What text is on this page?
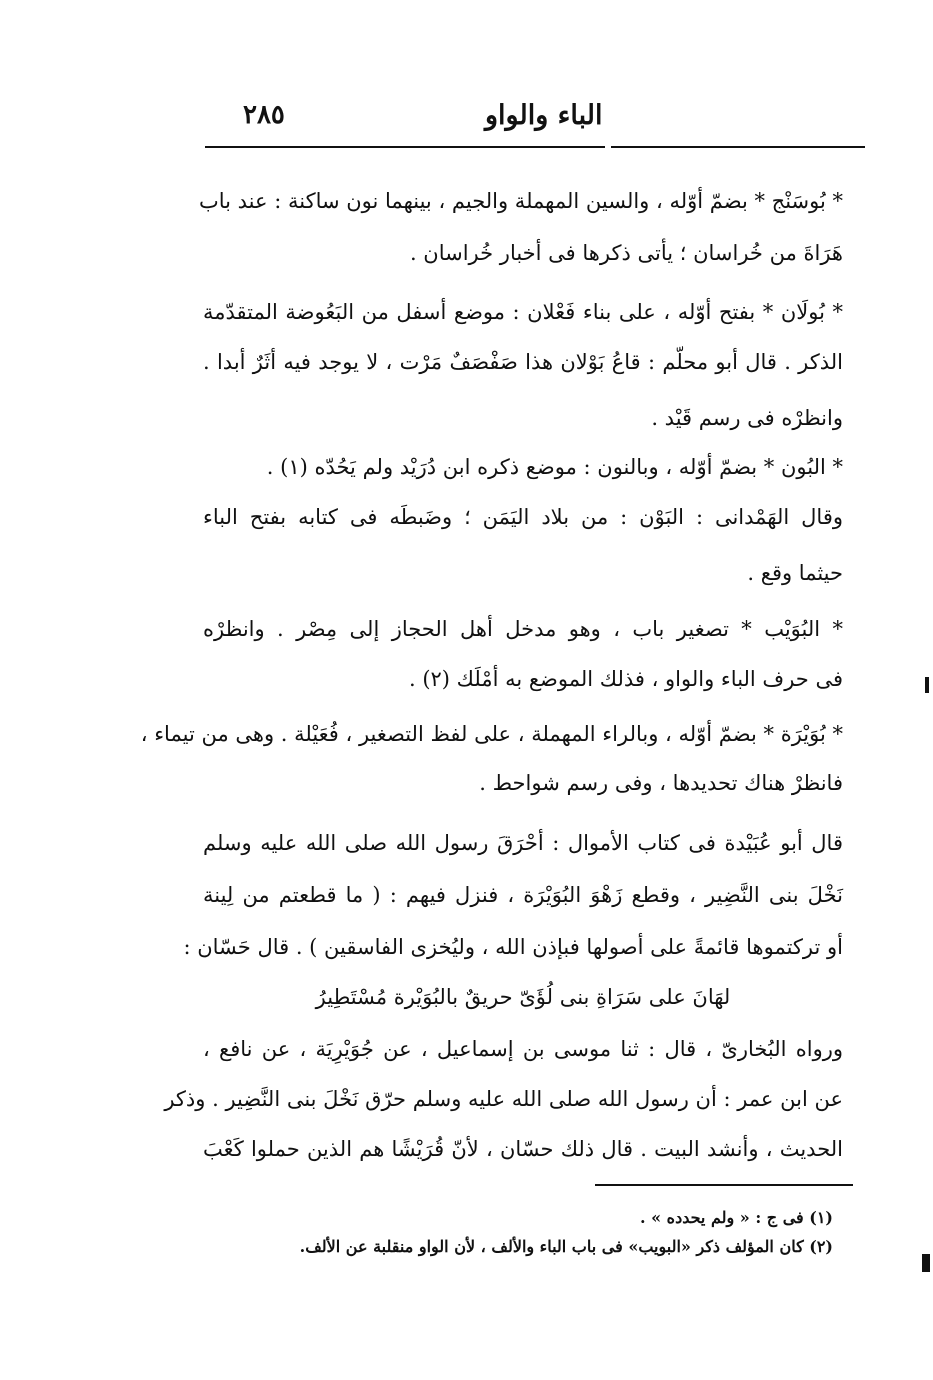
٢٨٥	الباء والواو
* بُوسَنْج * بضمّ أوّله ، والسين المهملة والجيم ، بينهما نون ساكنة : عند باب
هَرَاةَ من خُراسان ؛ يأتى ذكرها فى أخبار خُراسان .
* بُولَان * بفتح أوّله ، على بناء فَعْلان : موضع أسفل من البَعُوضة المتقدّمة
الذكر . قال أبو محلّم : قاعُ بَوْلان هذا صَفْصَفٌ مَرْت ، لا يوجد فيه أثَرٌ أبدا .
وانظرْه فى رسم قَيْد .
* البُون * بضمّ أوّله ، وبالنون : موضع ذكره ابن دُرَيْد ولم يَحُدّه (١) .
وقال الهَمْدانى : البَوْن : من بلاد اليَمَن ؛ وضَبطَه فى كتابه بفتح الباء
حيثما وقع .
* البُوَيْب * تصغير باب ، وهو مدخل أهل الحجاز إلى مِصْر . وانظرْه
فى حرف الباء والواو ، فذلك الموضع به أمْلَك (٢) .
* بُوَيْرَة * بضمّ أوّله ، وبالراء المهملة ، على لفظ التصغير ، فُعَيْلة . وهى من تيماء ،
فانظرْ هناك تحديدها ، وفى رسم شواحط .
قال أبو عُبَيْدة فى كتاب الأموال : أحْرَقَ رسول الله صلى الله عليه وسلم
نَخْلَ بنى النَّضِير ، وقطع زَهْوَ البُوَيْرَة ، فنزل فيهم : ( ما قطعتم من لِينة
أو تركتموها قائمةً على أصولها فبإذن الله ، وليُخزى الفاسقين ) . قال حَسّان :
لهَانَ على سَرَاةِ بنى لُؤَىّ حريقٌ بالبُوَيْرة مُسْتَطِيرُ
ورواه البُخارىّ ، قال : ثنا موسى بن إسماعيل ، عن جُوَيْرِيَة ، عن نافع ،
عن ابن عمر : أن رسول الله صلى الله عليه وسلم حرّق نَخْلَ بنى النَّضِير . وذكر
الحديث ، وأنشد البيت . قال ذلك حسّان ، لأنّ قُرَيْشًا هم الذين حملوا كَعْبَ
(١) فى ج : « ولم يحدده » .
(٢) كان المؤلف ذكر «البويب» فى باب الباء والألف ، لأن الواو منقلبة عن الألف.
